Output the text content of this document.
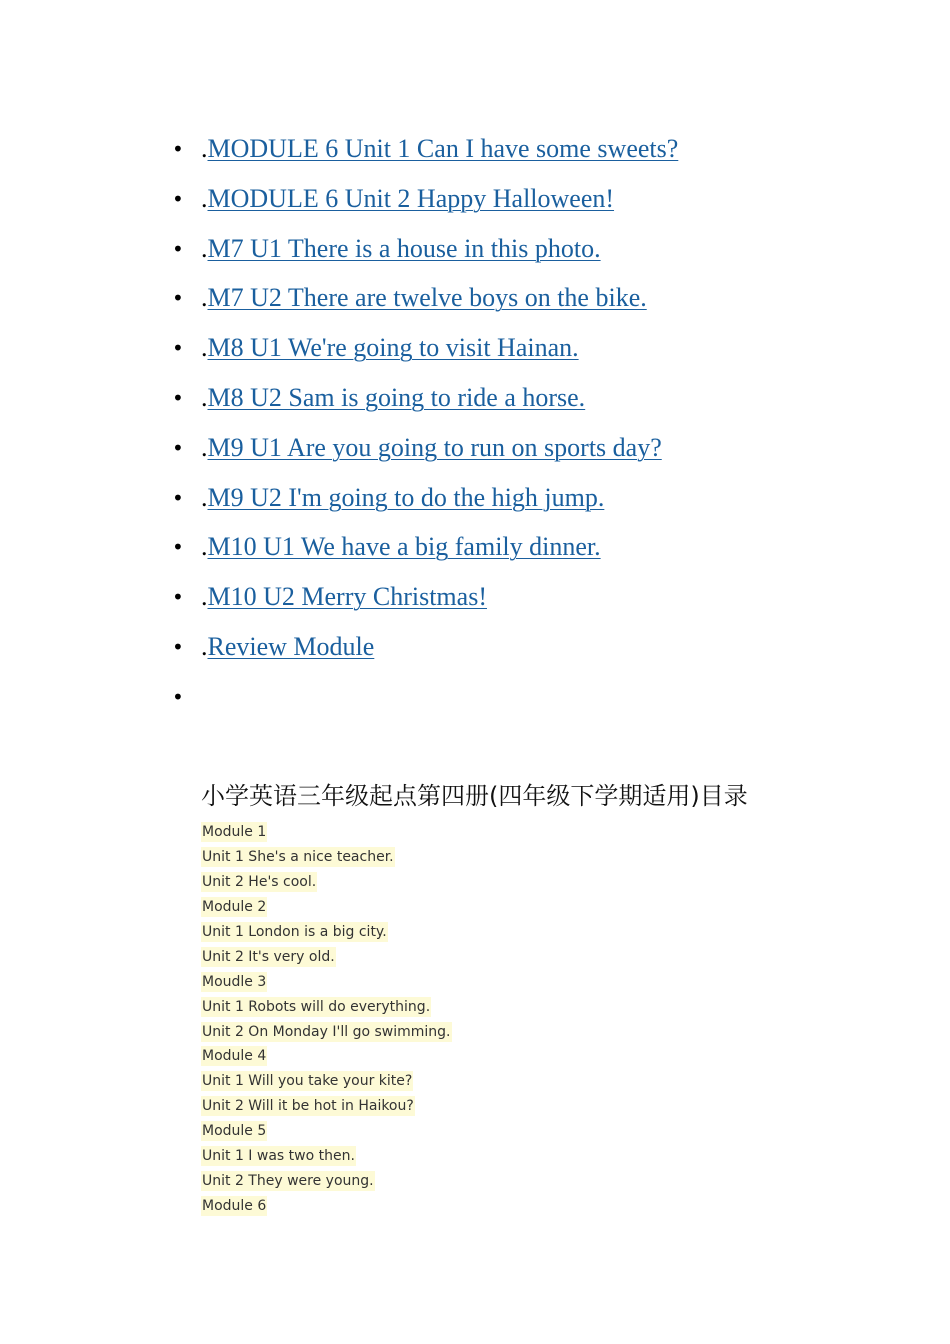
• .MODULE 6 Unit 1 Can I have some sweets?
• .MODULE 6 Unit 2 Happy Halloween!
• .M7 U1 There is a house in this photo.
• .M7 U2 There are twelve boys on the bike.
• .M8 U1 We're going to visit Hainan.
• .M8 U2 Sam is going to ride a horse.
• .M9 U1 Are you going to run on sports day?
• .M9 U2 I'm going to do the high jump.
• .M10 U1 We have a big family dinner.
• .M10 U2 Merry Christmas!
• .Review Module
•
小学英语三年级起点第四册(四年级下学期适用)目录
Module 1
Unit 1 She's a nice teacher.
Unit 2 He's cool.
Module 2
Unit 1 London is a big city.
Unit 2 It's very old.
Moudle 3
Unit 1 Robots will do everything.
Unit 2 On Monday I'll go swimming.
Module 4
Unit 1 Will you take your kite?
Unit 2 Will it be hot in Haikou?
Module 5
Unit 1 I was two then.
Unit 2 They were young.
Module 6
